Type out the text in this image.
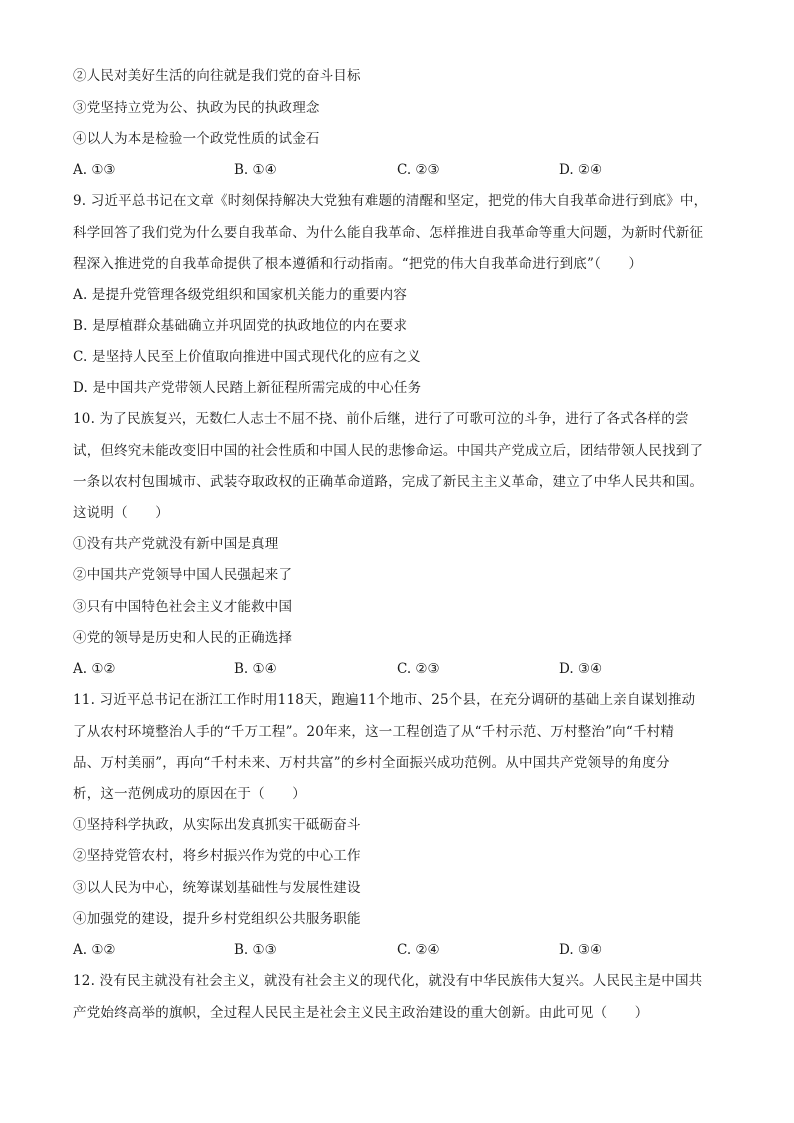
②人民对美好生活的向往就是我们党的奋斗目标
③党坚持立党为公、执政为民的执政理念
④以人为本是检验一个政党性质的试金石
A. ①③	B. ①④	C. ②③	D. ②④
9. 习近平总书记在文章《时刻保持解决大党独有难题的清醒和坚定，把党的伟大自我革命进行到底》中，
科学回答了我们党为什么要自我革命、为什么能自我革命、怎样推进自我革命等重大问题，为新时代新征
程深入推进党的自我革命提供了根本遵循和行动指南。“把党的伟大自我革命进行到底”（　　）
A. 是提升党管理各级党组织和国家机关能力的重要内容
B. 是厚植群众基础确立并巩固党的执政地位的内在要求
C. 是坚持人民至上价值取向推进中国式现代化的应有之义
D. 是中国共产党带领人民踏上新征程所需完成的中心任务
10. 为了民族复兴，无数仁人志士不屈不挠、前仆后继，进行了可歌可泣的斗争，进行了各式各样的尝
试，但终究未能改变旧中国的社会性质和中国人民的悲惨命运。中国共产党成立后，团结带领人民找到了
一条以农村包围城市、武装夺取政权的正确革命道路，完成了新民主主义革命，建立了中华人民共和国。
这说明（　　）
①没有共产党就没有新中国是真理
②中国共产党领导中国人民强起来了
③只有中国特色社会主义才能救中国
④党的领导是历史和人民的正确选择
A. ①②	B. ①④	C. ②③	D. ③④
11. 习近平总书记在浙江工作时用118天，跑遍11个地市、25个县，在充分调研的基础上亲自谋划推动
了从农村环境整治人手的“千万工程”。20年来，这一工程创造了从“千村示范、万村整治”向“千村精
品、万村美丽”，再向“千村未来、万村共富”的乡村全面振兴成功范例。从中国共产党领导的角度分
析，这一范例成功的原因在于（　　）
①坚持科学执政，从实际出发真抓实干砥砺奋斗
②坚持党管农村，将乡村振兴作为党的中心工作
③以人民为中心，统筹谋划基础性与发展性建设
④加强党的建设，提升乡村党组织公共服务职能
A. ①②	B. ①③	C. ②④	D. ③④
12. 没有民主就没有社会主义，就没有社会主义的现代化，就没有中华民族伟大复兴。人民民主是中国共
产党始终高举的旗帜，全过程人民民主是社会主义民主政治建设的重大创新。由此可见（　　）
